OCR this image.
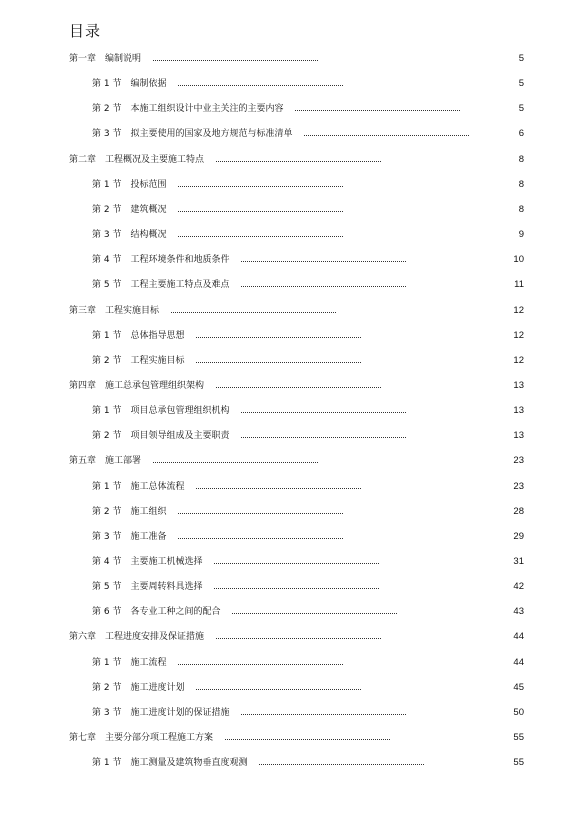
目录
第一章　编制说明	5
第 1 节　编制依据	5
第 2 节　本施工组织设计中业主关注的主要内容	5
第 3 节　拟主要使用的国家及地方规范与标准清单	6
第二章　工程概况及主要施工特点	8
第 1 节　投标范围	8
第 2 节　建筑概况	8
第 3 节　结构概况	9
第 4 节　工程环境条件和地质条件	10
第 5 节　工程主要施工特点及难点	11
第三章　工程实施目标	12
第 1 节　总体指导思想	12
第 2 节　工程实施目标	12
第四章　施工总承包管理组织架构	13
第 1 节　项目总承包管理组织机构	13
第 2 节　项目领导组成及主要职责	13
第五章　施工部署	23
第 1 节　施工总体流程	23
第 2 节　施工组织	28
第 3 节　施工准备	29
第 4 节　主要施工机械选择	31
第 5 节　主要周转料具选择	42
第 6 节　各专业工种之间的配合	43
第六章　工程进度安排及保证措施	44
第 1 节　施工流程	44
第 2 节　施工进度计划	45
第 3 节　施工进度计划的保证措施	50
第七章　主要分部分项工程施工方案	55
第 1 节　施工测量及建筑物垂直度观测	55
